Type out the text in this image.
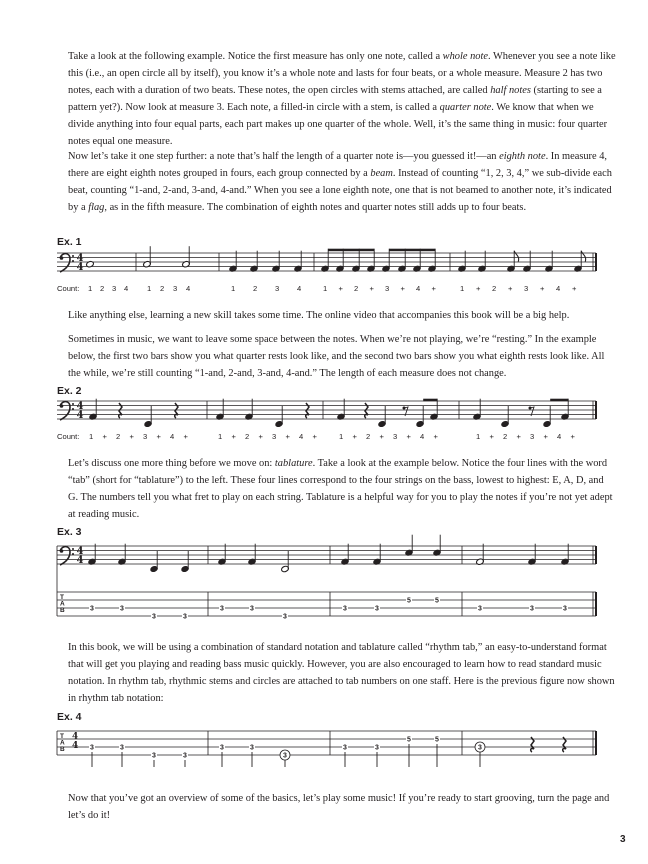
Take a look at the following example. Notice the first measure has only one note, called a whole note. Whenever you see a note like this (i.e., an open circle all by itself), you know it’s a whole note and lasts for four beats, or a whole measure. Measure 2 has two notes, each with a duration of two beats. These notes, the open circles with stems attached, are called half notes (starting to see a pattern yet?). Now look at measure 3. Each note, a filled-in circle with a stem, is called a quarter note. We know that when we divide anything into four equal parts, each part makes up one quarter of the whole. Well, it’s the same thing in music: four quarter notes equal one measure.

Now let’s take it one step further: a note that’s half the length of a quarter note is—you guessed it!—an eighth note. In measure 4, there are eight eighth notes grouped in fours, each group connected by a beam. Instead of counting “1, 2, 3, 4,” we sub-divide each beat, counting “1-and, 2-and, 3-and, 4-and.” When you see a lone eighth note, one that is not beamed to another note, it’s indicated by a flag, as in the fifth measure. The combination of eighth notes and quarter notes still adds up to four beats.

Ex. 1
4
4
Count: 1 2 3 4 1 2 3 4	1 2 3 4	1 + 2 + 3 + 4 +	1 + 2 + 3 + 4 +

Like anything else, learning a new skill takes some time. The online video that accompanies this book will be a big help.

Sometimes in music, we want to leave some space between the notes. When we’re not playing, we’re “resting.” In the example below, the first two bars show you what quarter rests look like, and the second two bars show you what eighth rests look like. All the while, we’re still counting “1-and, 2-and, 3-and, 4-and.” The length of each measure does not change.

Ex. 2
4
4
Count: 1 + 2 + 3 + 4 +	1 + 2 + 3 + 4 +	1 + 2 + 3 + 4 +	1 + 2 + 3 + 4 +

Let’s discuss one more thing before we move on: tablature. Take a look at the example below. Notice the four lines with the word “tab” (short for “tablature”) to the left. These four lines correspond to the four strings on the bass, lowest to highest: E, A, D, and G. The numbers tell you what fret to play on each string. Tablature is a helpful way for you to play the notes if you’re not yet adept at reading music.

Ex. 3
4
4
T
A
B	3	3
3	3
3	3
3
3	3
5	5
3	3	3

In this book, we will be using a combination of standard notation and tablature called “rhythm tab,” an easy-to-understand format that will get you playing and reading bass music quickly. However, you are also encouraged to learn how to read standard music notation. In rhythm tab, rhythmic stems and circles are attached to tab numbers on one staff. Here is the previous figure now shown in rhythm tab notation:

Ex. 4
T
A
B
4
4 3	3
3	3
3	3
3
3	3
5	5
3

Now that you’ve got an overview of some of the basics, let’s play some music! If you’re ready to start grooving, turn the page and let’s do it!

3
